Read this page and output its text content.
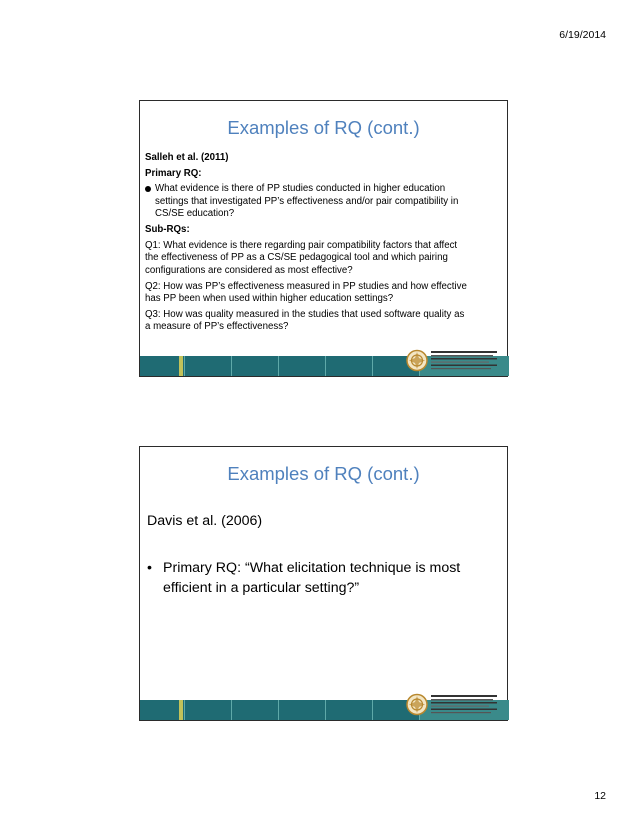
6/19/2014
Examples of RQ (cont.)
Salleh et al. (2011)
Primary RQ:
What evidence is there of PP studies conducted in higher education
settings that investigated PP’s effectiveness and/or pair compatibility in
CS/SE education?
Sub-RQs:
Q1: What evidence is there regarding pair compatibility factors that affect
the effectiveness of PP as a CS/SE pedagogical tool and which pairing
configurations are considered as most effective?
Q2: How was PP’s effectiveness measured in PP studies and how effective
has PP been when used within higher education settings?
Q3: How was quality measured in the studies that used software quality as
a measure of PP’s effectiveness?
Examples of RQ (cont.)
Davis et al. (2006)
• Primary RQ: “What elicitation technique is most
efficient in a particular setting?”
12
